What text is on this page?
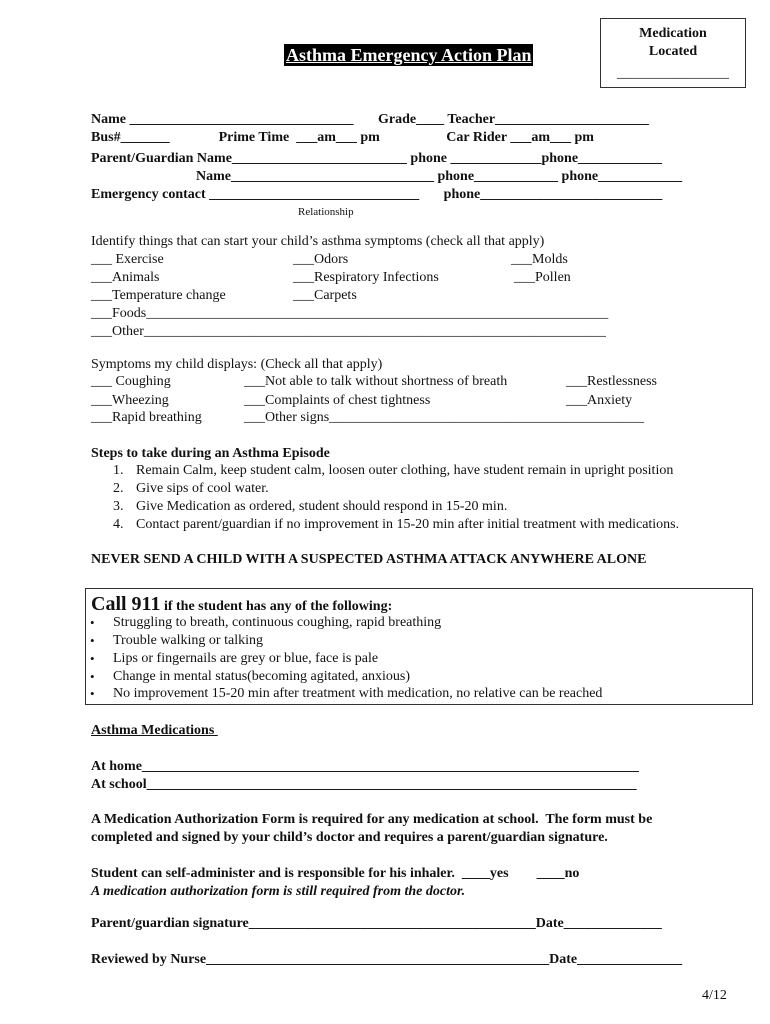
Asthma Emergency Action Plan
Medication
Located
________________
Name ________________________________       Grade____ Teacher______________________
Bus#_______              Prime Time  ___am___ pm                   Car Rider ___am___ pm
Parent/Guardian Name_________________________ phone _____________phone____________
Name_____________________________ phone____________ phone____________
Emergency contact ______________________________       phone__________________________
Relationship
Identify things that can start your child’s asthma symptoms (check all that apply)
___ Exercise
___Animals
___Temperature change
___Odors
___Respiratory Infections
___Carpets
___Molds
___Pollen
___Foods__________________________________________________________________
___Other__________________________________________________________________
Symptoms my child displays: (Check all that apply)
___ Coughing
___Wheezing
___Rapid breathing
___Not able to talk without shortness of breath
___Complaints of chest tightness
___Other signs_____________________________________________
___Restlessness
___Anxiety
Steps to take during an Asthma Episode
1. Remain Calm, keep student calm, loosen outer clothing, have student remain in upright position
2. Give sips of cool water.
3. Give Medication as ordered, student should respond in 15-20 min.
4. Contact parent/guardian if no improvement in 15-20 min after initial treatment with medications.
NEVER SEND A CHILD WITH A SUSPECTED ASTHMA ATTACK ANYWHERE ALONE
Call 911 if the student has any of the following:
• Struggling to breath, continuous coughing, rapid breathing
• Trouble walking or talking
• Lips or fingernails are grey or blue, face is pale
• Change in mental status(becoming agitated, anxious)
• No improvement 15-20 min after treatment with medication, no relative can be reached
Asthma Medications
At home_______________________________________________________________________
At school______________________________________________________________________
A Medication Authorization Form is required for any medication at school.  The form must be
completed and signed by your child’s doctor and requires a parent/guardian signature.
Student can self-administer and is responsible for his inhaler.  ____yes        ____no
A medication authorization form is still required from the doctor.
Parent/guardian signature_________________________________________Date______________
Reviewed by Nurse_________________________________________________Date_______________
4/12
